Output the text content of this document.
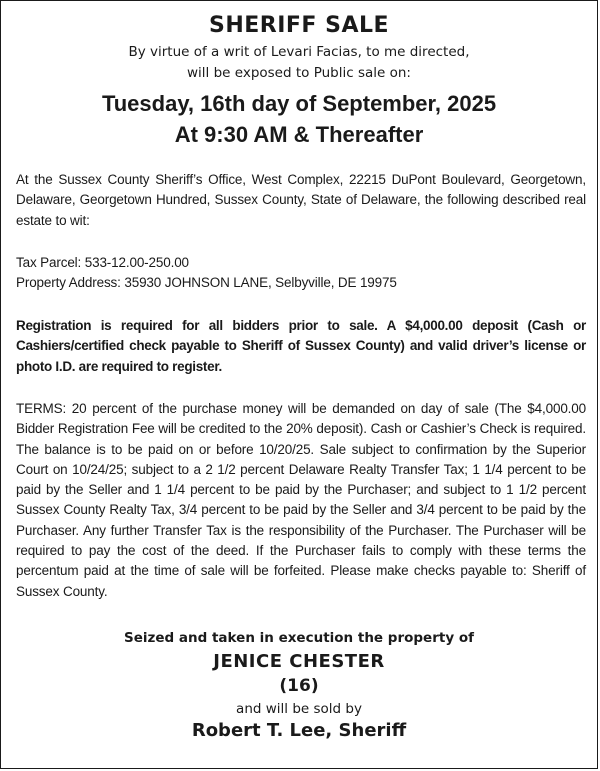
SHERIFF SALE
By virtue of a writ of Levari Facias, to me directed,
will be exposed to Public sale on:
Tuesday, 16th day of September, 2025
At 9:30 AM & Thereafter
At the Sussex County Sheriff’s Office, West Complex, 22215 DuPont Boulevard, Georgetown, Delaware, Georgetown Hundred, Sussex County, State of Delaware, the following described real estate to wit:
Tax Parcel: 533-12.00-250.00
Property Address: 35930 JOHNSON LANE, Selbyville, DE 19975
Registration is required for all bidders prior to sale. A $4,000.00 deposit (Cash or Cashiers/certified check payable to Sheriff of Sussex County) and valid driver’s license or photo I.D. are required to register.
TERMS: 20 percent of the purchase money will be demanded on day of sale (The $4,000.00 Bidder Registration Fee will be credited to the 20% deposit). Cash or Cashier’s Check is required. The balance is to be paid on or before 10/20/25. Sale subject to confirmation by the Superior Court on 10/24/25; subject to a 2 1/2 percent Delaware Realty Transfer Tax; 1 1/4 percent to be paid by the Seller and 1 1/4 percent to be paid by the Purchaser; and subject to 1 1/2 percent Sussex County Realty Tax, 3/4 percent to be paid by the Seller and 3/4 percent to be paid by the Purchaser. Any further Transfer Tax is the responsibility of the Purchaser. The Purchaser will be required to pay the cost of the deed. If the Purchaser fails to comply with these terms the percentum paid at the time of sale will be forfeited. Please make checks payable to: Sheriff of Sussex County.
Seized and taken in execution the property of
JENICE CHESTER
(16)
and will be sold by
Robert T. Lee, Sheriff
